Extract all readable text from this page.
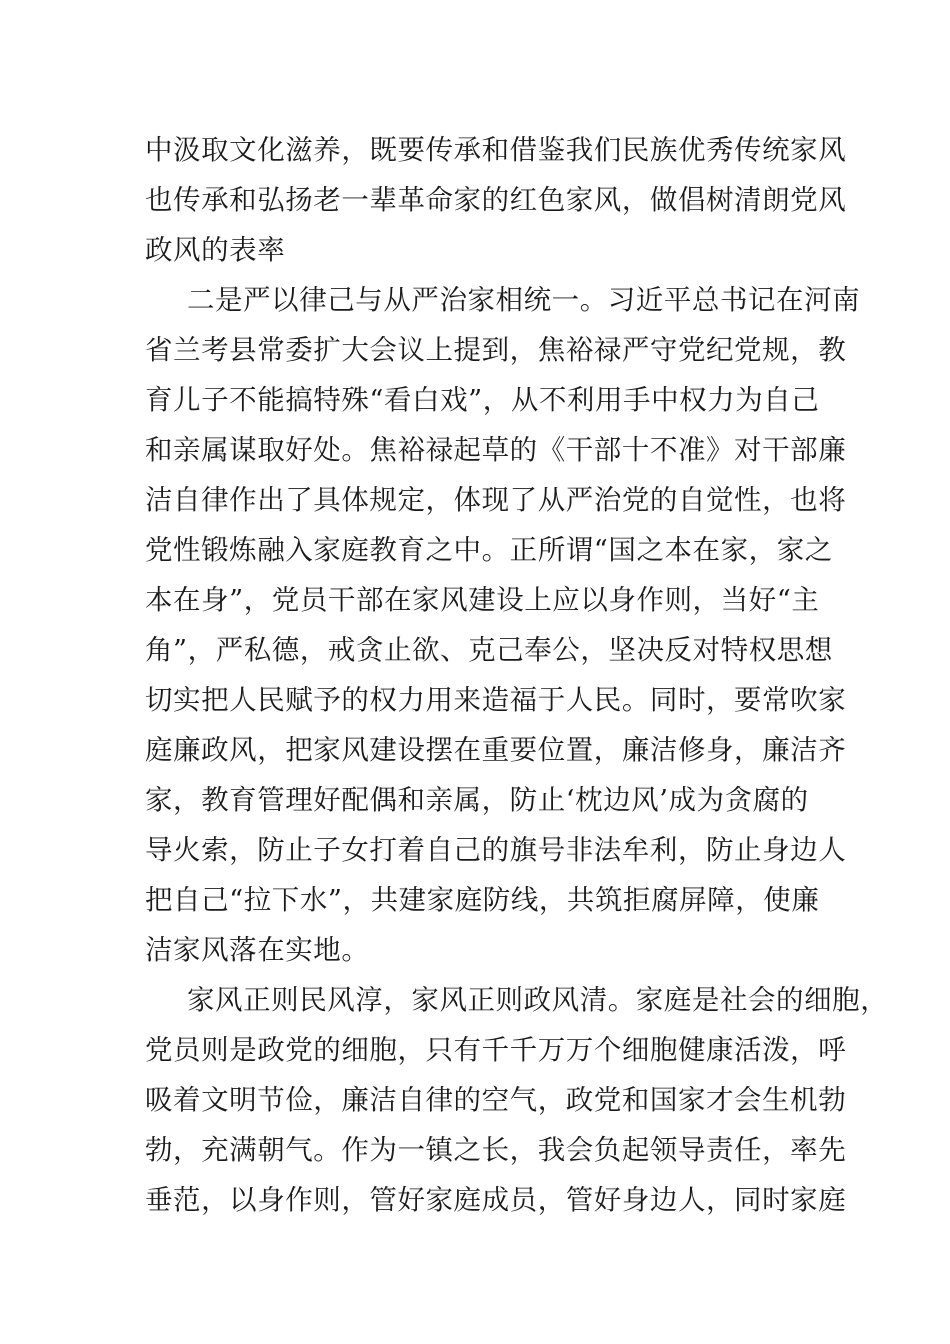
中汲取文化滋养，既要传承和借鉴我们民族优秀传统家风
也传承和弘扬老一辈革命家的红色家风，做倡树清朗党风
政风的表率
二是严以律己与从严治家相统一。习近平总书记在河南
省兰考县常委扩大会议上提到，焦裕禄严守党纪党规，教
育儿子不能搞特殊“看白戏”，从不利用手中权力为自己
和亲属谋取好处。焦裕禄起草的《干部十不准》对干部廉
洁自律作出了具体规定，体现了从严治党的自觉性，也将
党性锻炼融入家庭教育之中。正所谓“国之本在家，家之
本在身”，党员干部在家风建设上应以身作则，当好“主
角”，严私德，戒贪止欲、克己奉公，坚决反对特权思想
切实把人民赋予的权力用来造福于人民。同时，要常吹家
庭廉政风，把家风建设摆在重要位置，廉洁修身，廉洁齐
家，教育管理好配偶和亲属，防止‘枕边风’成为贪腐的
导火索，防止子女打着自己的旗号非法牟利，防止身边人
把自己“拉下水”，共建家庭防线，共筑拒腐屏障，使廉
洁家风落在实地。
家风正则民风淳，家风正则政风清。家庭是社会的细胞，
党员则是政党的细胞，只有千千万万个细胞健康活泼，呼
吸着文明节俭，廉洁自律的空气，政党和国家才会生机勃
勃，充满朝气。作为一镇之长，我会负起领导责任，率先
垂范，以身作则，管好家庭成员，管好身边人，同时家庭
